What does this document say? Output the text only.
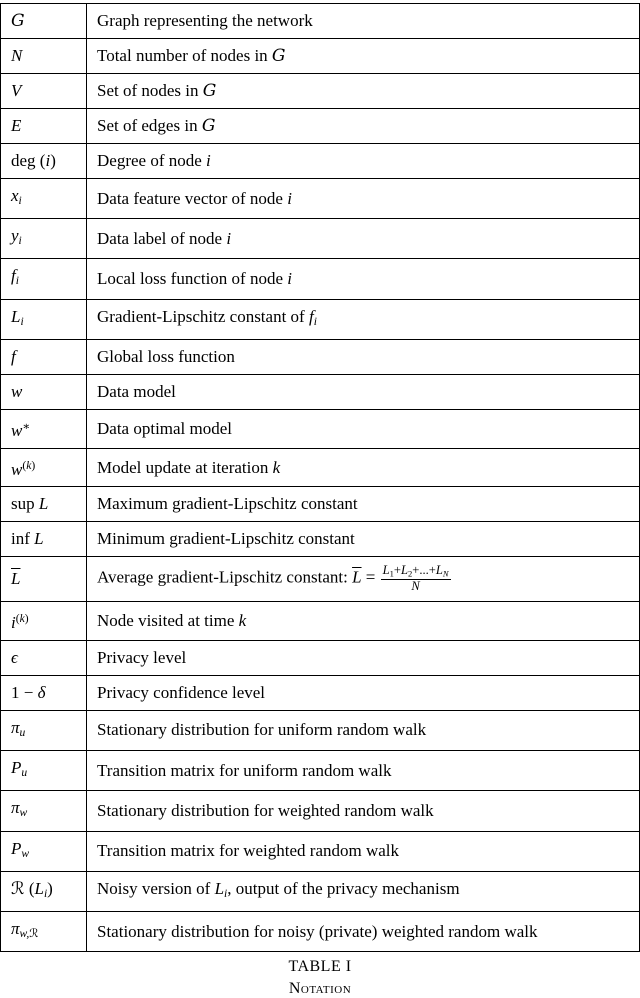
G	Graph representing the network
N	Total number of nodes in G
V	Set of nodes in G
E	Set of edges in G
deg (i)	Degree of node i
xi	Data feature vector of node i
yi	Data label of node i
fi	Local loss function of node i
Li	Gradient-Lipschitz constant of fi
f	Global loss function
w	Data model
w∗	Data optimal model
$w^{(k)}$	Model update at iteration k
sup L	Maximum gradient-Lipschitz constant
inf L	Minimum gradient-Lipschitz constant
$\overline{L}$	Average gradient-Lipschitz constant: $\overline{L} = \frac{L_1+L_2+...+LN}{N}$

$i^{(k)}$	Node visited at time k
ϵ	Privacy level
1 − δ	Privacy confidence level
πu	Stationary distribution for uniform random walk
Pu	Transition matrix for uniform random walk
πw	Stationary distribution for weighted random walk
Pw	Transition matrix for weighted random walk
ℛ (Li)	Noisy version of Li, output of the privacy mechanism
$\pi w,_ℛ$	Stationary distribution for noisy (private) weighted random walk
TABLE I
Notation
